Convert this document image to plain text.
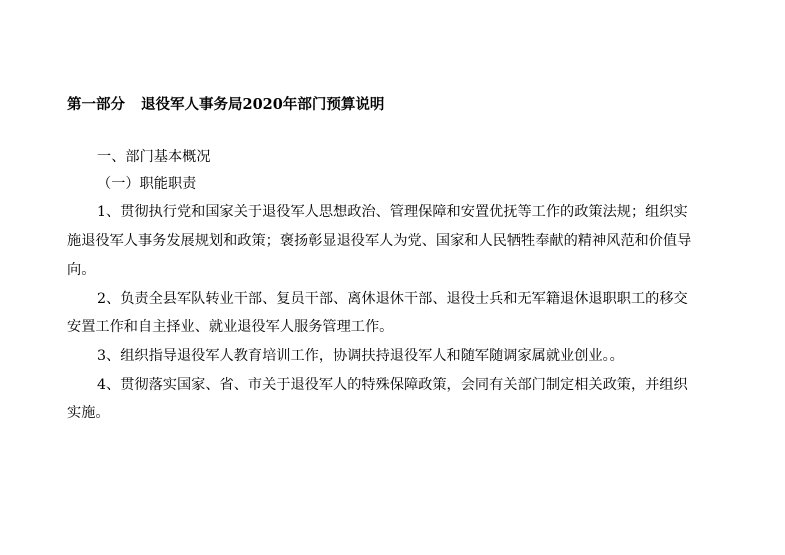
第一部分 退役军人事务局2020年部门预算说明
一、部门基本概况
（一）职能职责
1、贯彻执行党和国家关于退役军人思想政治、管理保障和安置优抚等工作的政策法规；组织实
施退役军人事务发展规划和政策；褒扬彰显退役军人为党、国家和人民牺牲奉献的精神风范和价值导
向。
2、负责全县军队转业干部、复员干部、离休退休干部、退役士兵和无军籍退休退职职工的移交
安置工作和自主择业、就业退役军人服务管理工作。
3、组织指导退役军人教育培训工作，协调扶持退役军人和随军随调家属就业创业。。
4、贯彻落实国家、省、市关于退役军人的特殊保障政策，会同有关部门制定相关政策，并组织
实施。
